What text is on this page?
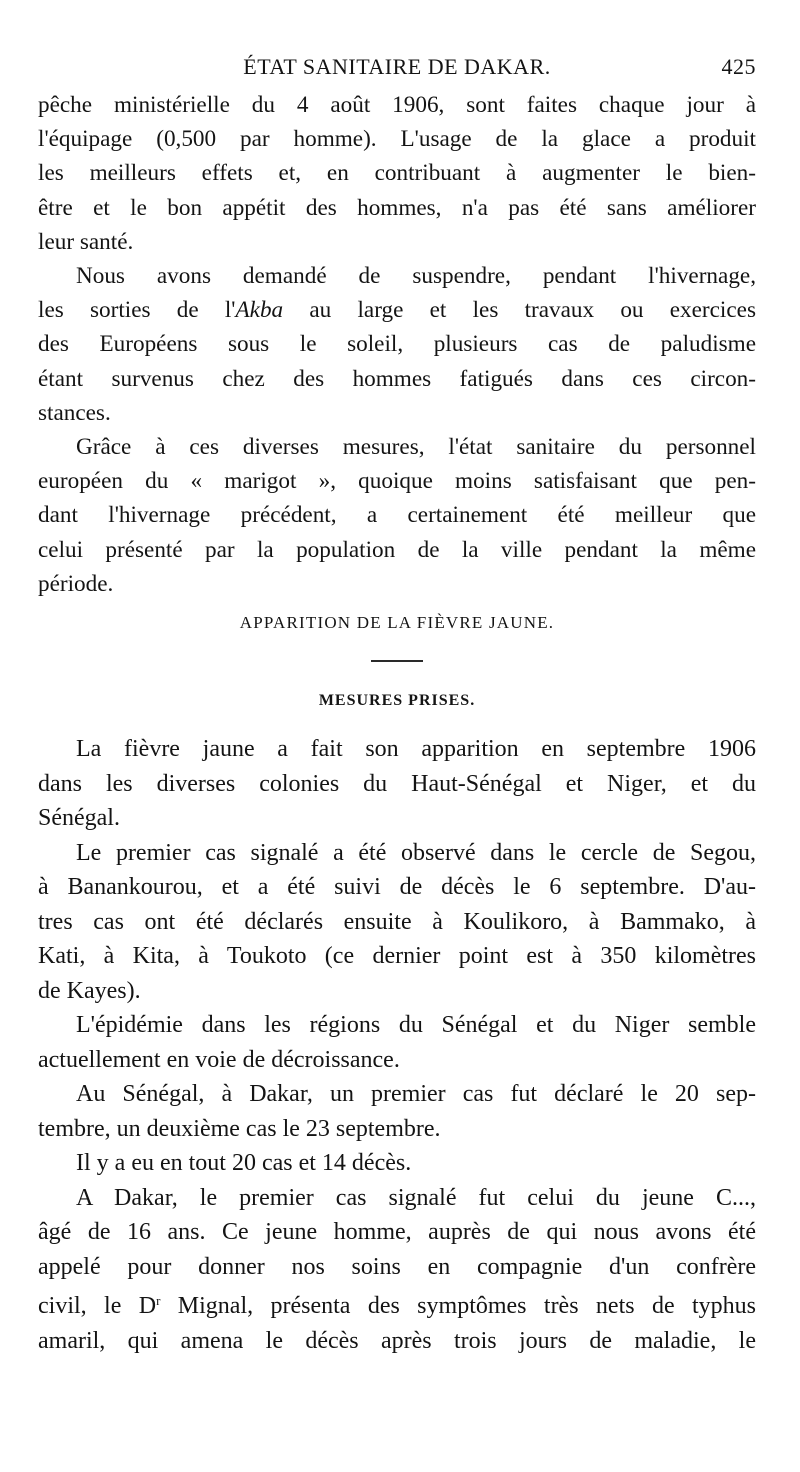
ÉTAT SANITAIRE DE DAKAR.	425

pêche ministérielle du 4 août 1906, sont faites chaque jour à
l'équipage (0,500 par homme). L'usage de la glace a produit
les meilleurs effets et, en contribuant à augmenter le bien-
être et le bon appétit des hommes, n'a pas été sans améliorer
leur santé.

Nous avons demandé de suspendre, pendant l'hivernage,
les sorties de l'Akba au large et les travaux ou exercices
des Européens sous le soleil, plusieurs cas de paludisme
étant survenus chez des hommes fatigués dans ces circon-
stances.

Grâce à ces diverses mesures, l'état sanitaire du personnel
européen du « marigot », quoique moins satisfaisant que pen-
dant l'hivernage précédent, a certainement été meilleur que
celui présenté par la population de la ville pendant la même
période.

APPARITION DE LA FIÈVRE JAUNE.

MESURES PRISES.

La fièvre jaune a fait son apparition en septembre 1906
dans les diverses colonies du Haut-Sénégal et Niger, et du
Sénégal.

Le premier cas signalé a été observé dans le cercle de Segou,
à Banankourou, et a été suivi de décès le 6 septembre. D'au-
tres cas ont été déclarés ensuite à Koulikoro, à Bammako, à
Kati, à Kita, à Toukoto (ce dernier point est à 350 kilomètres
de Kayes).

L'épidémie dans les régions du Sénégal et du Niger semble
actuellement en voie de décroissance.

Au Sénégal, à Dakar, un premier cas fut déclaré le 20 sep-
tembre, un deuxième cas le 23 septembre.

Il y a eu en tout 20 cas et 14 décès.

A Dakar, le premier cas signalé fut celui du jeune C...,
âgé de 16 ans. Ce jeune homme, auprès de qui nous avons été
appelé pour donner nos soins en compagnie d'un confrère
civil, le $D^r$ Mignal, présenta des symptômes très nets de typhus
amaril, qui amena le décès après trois jours de maladie, le
